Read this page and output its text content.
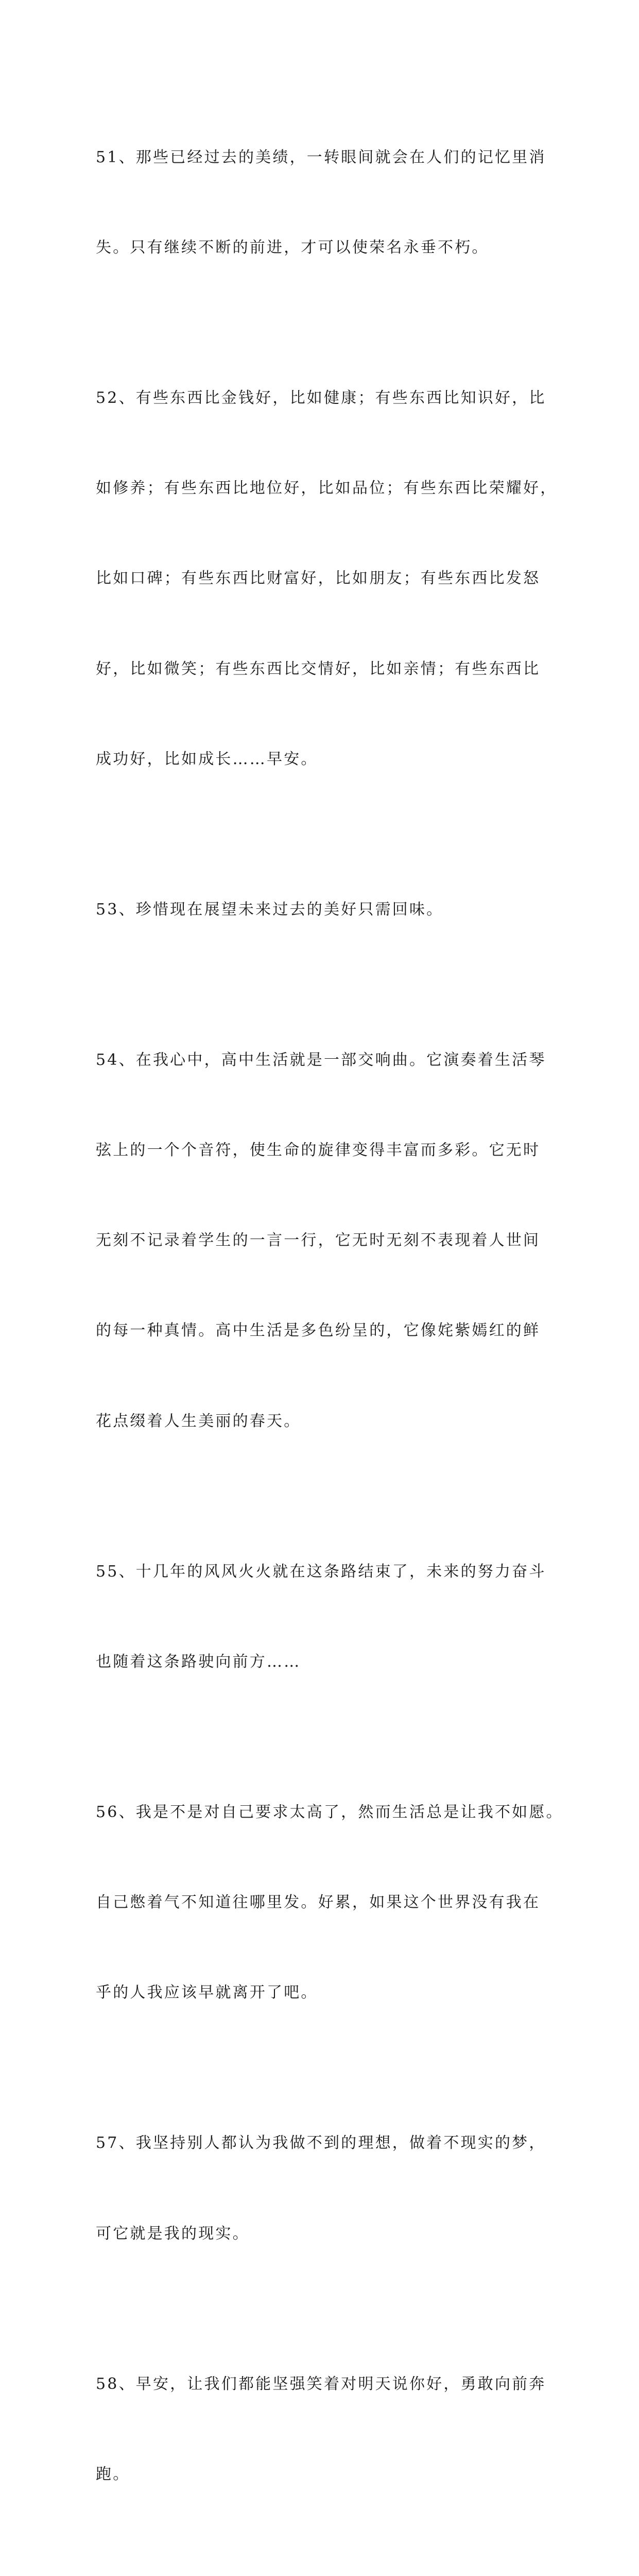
51、那些已经过去的美绩，一转眼间就会在人们的记忆里消

失。只有继续不断的前进，才可以使荣名永垂不朽。

52、有些东西比金钱好，比如健康；有些东西比知识好，比

如修养；有些东西比地位好，比如品位；有些东西比荣耀好，

比如口碑；有些东西比财富好，比如朋友；有些东西比发怒

好，比如微笑；有些东西比交情好，比如亲情；有些东西比

成功好，比如成长……早安。

53、珍惜现在展望未来过去的美好只需回味。

54、在我心中，高中生活就是一部交响曲。它演奏着生活琴

弦上的一个个音符，使生命的旋律变得丰富而多彩。它无时

无刻不记录着学生的一言一行，它无时无刻不表现着人世间

的每一种真情。高中生活是多色纷呈的，它像姹紫嫣红的鲜

花点缀着人生美丽的春天。

55、十几年的风风火火就在这条路结束了，未来的努力奋斗

也随着这条路驶向前方……

56、我是不是对自己要求太高了，然而生活总是让我不如愿。

自己憋着气不知道往哪里发。好累，如果这个世界没有我在

乎的人我应该早就离开了吧。

57、我坚持别人都认为我做不到的理想，做着不现实的梦，

可它就是我的现实。

58、早安，让我们都能坚强笑着对明天说你好，勇敢向前奔

跑。
